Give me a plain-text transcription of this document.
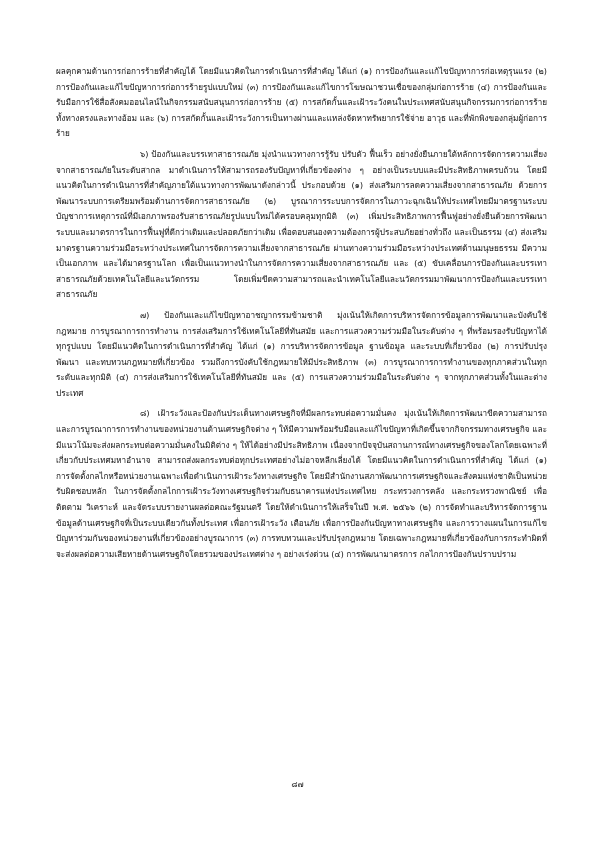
ผลคุกคามด้านการก่อการร้ายที่สำคัญได้ โดยมีแนวคิดในการดำเนินการที่สำคัญ ได้แก่ (๑) การป้องกันและแก้ไขปัญหาการก่อเหตุรุนแรง (๒) การป้องกันและแก้ไขปัญหาการก่อการร้ายรูปแบบใหม่ (๓) การป้องกันและแก้ไขการโฆษณาชวนเชื่อของกลุ่มก่อการร้าย (๔) การป้องกันและรับมือการใช้สื่อสังคมออนไลน์ในกิจกรรมสนับสนุนการก่อการร้าย (๕) การสกัดกั้นและเฝ้าระวังคนในประเทศสนับสนุนกิจกรรมการก่อการร้ายทั้งทางตรงและทางอ้อม และ (๖) การสกัดกั้นและเฝ้าระวังการเป็นทางผ่านและแหล่งจัดหาทรัพยากรใช้จ่าย อาวุธ และที่พักพิงของกลุ่มผู้ก่อการร้าย

๖) ป้องกันและบรรเทาสาธารณภัย มุ่งนำแนวทางการรู้รับ ปรับตัว ฟื้นเร็ว อย่างยั่งยืนภายใต้หลักการจัดการความเสี่ยงจากสาธารณภัยในระดับสากล มาดำเนินการให้สามารถรองรับปัญหาที่เกี่ยวข้องต่าง ๆ อย่างเป็นระบบและมีประสิทธิภาพครบถ้วน โดยมีแนวคิดในการดำเนินการที่สำคัญภายใต้แนวทางการพัฒนาดังกล่าวนี้ ประกอบด้วย (๑) ส่งเสริมการลดความเสี่ยงจากสาธารณภัย ด้วยการพัฒนาระบบการเตรียมพร้อมด้านการจัดการสาธารณภัย (๒) บูรณาการระบบการจัดการในภาวะฉุกเฉินให้ประเทศไทยมีมาตรฐานระบบบัญชาการเหตุการณ์ที่มีเอกภาพรองรับสาธารณภัยรูปแบบใหม่ได้ครอบคลุมทุกมิติ (๓) เพิ่มประสิทธิภาพการฟื้นฟูอย่างยั่งยืนด้วยการพัฒนาระบบและมาตรการในการฟื้นฟูที่ดีกว่าเดิมและปลอดภัยกว่าเดิม เพื่อตอบสนองความต้องการผู้ประสบภัยอย่างทั่วถึง และเป็นธรรม (๔) ส่งเสริมมาตรฐานความร่วมมือระหว่างประเทศในการจัดการความเสี่ยงจากสาธารณภัย ผ่านทางความร่วมมือระหว่างประเทศด้านมนุษยธรรม มีความเป็นเอกภาพ และได้มาตรฐานโลก เพื่อเป็นแนวทางนำในการจัดการความเสี่ยงจากสาธารณภัย และ (๕) ขับเคลื่อนการป้องกันและบรรเทาสาธารณภัยด้วยเทคโนโลยีและนวัตกรรม โดยเพิ่มขีดความสามารถและนำเทคโนโลยีและนวัตกรรมมาพัฒนาการป้องกันและบรรเทาสาธารณภัย

๗) ป้องกันและแก้ไขปัญหาอาชญากรรมข้ามชาติ มุ่งเน้นให้เกิดการบริหารจัดการข้อมูลการพัฒนาและบังคับใช้กฎหมาย การบูรณาการการทำงาน การส่งเสริมการใช้เทคโนโลยีที่ทันสมัย และการแสวงความร่วมมือในระดับต่าง ๆ ที่พร้อมรองรับปัญหาได้ทุกรูปแบบ โดยมีแนวคิดในการดำเนินการที่สำคัญ ได้แก่ (๑) การบริหารจัดการข้อมูล ฐานข้อมูล และระบบที่เกี่ยวข้อง (๒) การปรับปรุง พัฒนา และทบทวนกฎหมายที่เกี่ยวข้อง รวมถึงการบังคับใช้กฎหมายให้มีประสิทธิภาพ (๓) การบูรณาการการทำงานของทุกภาคส่วนในทุกระดับและทุกมิติ (๔) การส่งเสริมการใช้เทคโนโลยีที่ทันสมัย และ (๕) การแสวงความร่วมมือในระดับต่าง ๆ จากทุกภาคส่วนทั้งในและต่างประเทศ

๘) เฝ้าระวังและป้องกันประเด็นทางเศรษฐกิจที่มีผลกระทบต่อความมั่นคง มุ่งเน้นให้เกิดการพัฒนาขีดความสามารถ และการบูรณาการการทำงานของหน่วยงานด้านเศรษฐกิจต่าง ๆ ให้มีความพร้อมรับมือและแก้ไขปัญหาที่เกิดขึ้นจากกิจกรรมทางเศรษฐกิจ และมีแนวโน้มจะส่งผลกระทบต่อความมั่นคงในมิติต่าง ๆ ให้ได้อย่างมีประสิทธิภาพ เนื่องจากปัจจุบันสถานการณ์ทางเศรษฐกิจของโลกโดยเฉพาะที่เกี่ยวกับประเทศมหาอำนาจ สามารถส่งผลกระทบต่อทุกประเทศอย่างไม่อาจหลีกเลี่ยงได้ โดยมีแนวคิดในการดำเนินการที่สำคัญ ได้แก่ (๑) การจัดตั้งกลไกหรือหน่วยงานเฉพาะเพื่อดำเนินการเฝ้าระวังทางเศรษฐกิจ โดยมีสำนักงานสภาพัฒนาการเศรษฐกิจและสังคมแห่งชาติเป็นหน่วยรับผิดชอบหลัก ในการจัดตั้งกลไกการเฝ้าระวังทางเศรษฐกิจร่วมกับธนาคารแห่งประเทศไทย กระทรวงการคลัง และกระทรวงพาณิชย์ เพื่อติดตาม วิเคราะห์ และจัดระบบรายงานผลต่อคณะรัฐมนตรี โดยให้ดำเนินการให้เสร็จในปี พ.ศ. ๒๕๖๖ (๒) การจัดทำและบริหารจัดการฐานข้อมูลด้านเศรษฐกิจที่เป็นระบบเดียวกันทั้งประเทศ เพื่อการเฝ้าระวัง เตือนภัย เพื่อการป้องกันปัญหาทางเศรษฐกิจ และการวางแผนในการแก้ไขปัญหาร่วมกันของหน่วยงานที่เกี่ยวข้องอย่างบูรณาการ (๓) การทบทวนและปรับปรุงกฎหมาย โดยเฉพาะกฎหมายที่เกี่ยวข้องกับการกระทำผิดที่จะส่งผลต่อความเสียหายด้านเศรษฐกิจโดยรวมของประเทศต่าง ๆ อย่างเร่งด่วน (๔) การพัฒนามาตรการ กลไกการป้องกันปราบปราม

๘๗
